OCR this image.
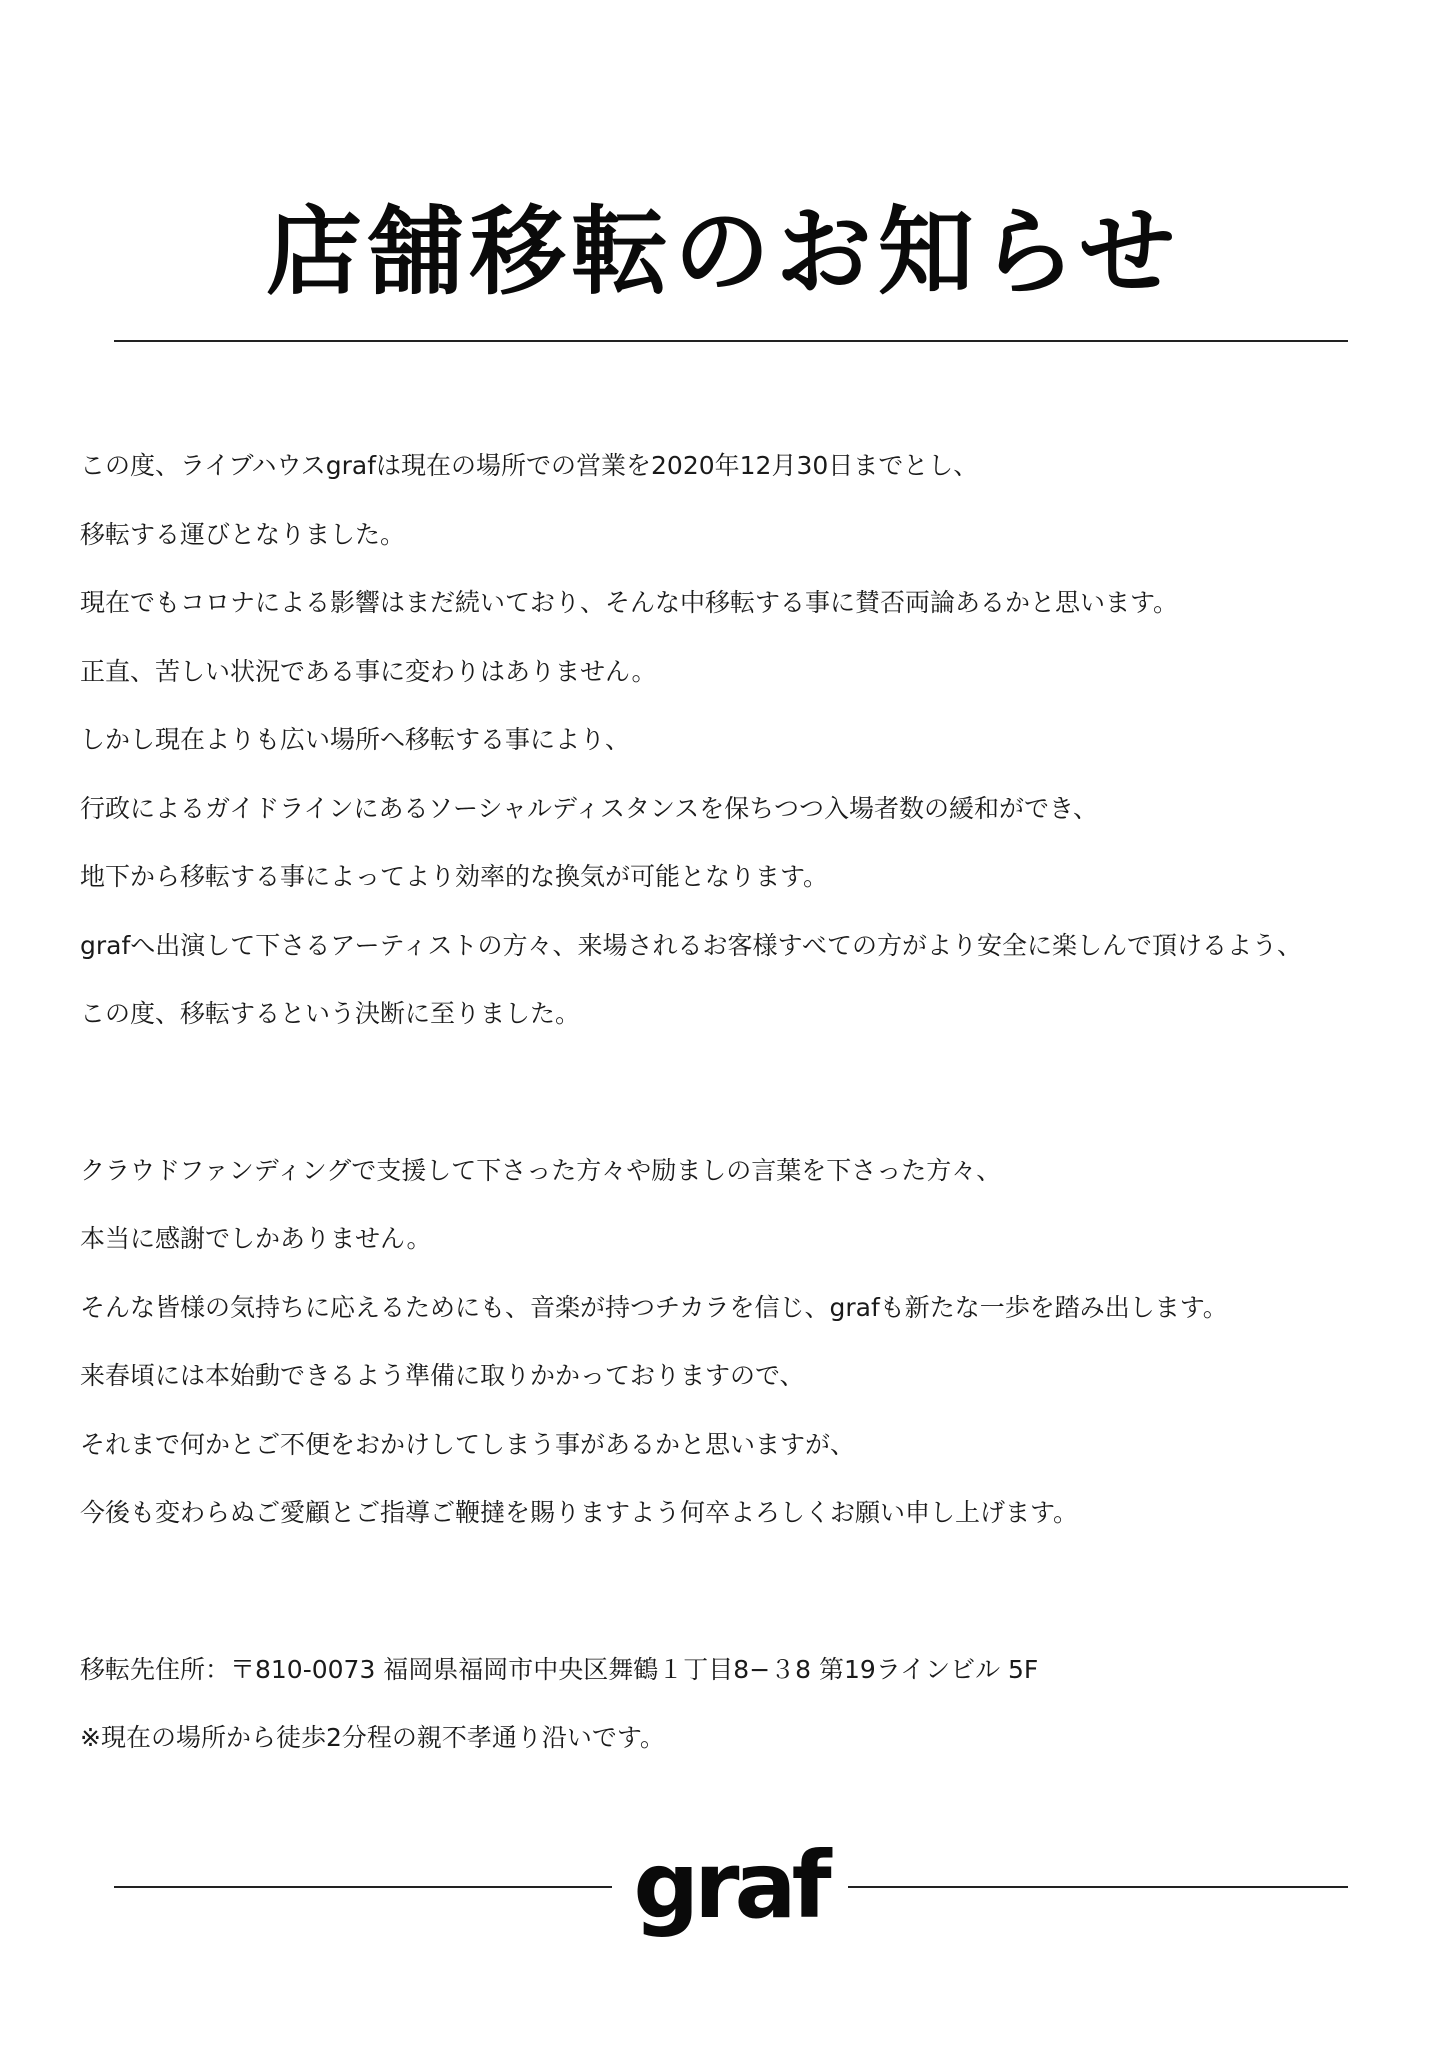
店舗移転のお知らせ
この度、ライブハウスgrafは現在の場所での営業を2020年12月30日までとし、
移転する運びとなりました。
現在でもコロナによる影響はまだ続いており、そんな中移転する事に賛否両論あるかと思います。
正直、苦しい状況である事に変わりはありません。
しかし現在よりも広い場所へ移転する事により、
行政によるガイドラインにあるソーシャルディスタンスを保ちつつ入場者数の緩和ができ、
地下から移転する事によってより効率的な換気が可能となります。
grafへ出演して下さるアーティストの方々、来場されるお客様すべての方がより安全に楽しんで頂けるよう、
この度、移転するという決断に至りました。
クラウドファンディングで支援して下さった方々や励ましの言葉を下さった方々、
本当に感謝でしかありません。
そんな皆様の気持ちに応えるためにも、音楽が持つチカラを信じ、grafも新たな一歩を踏み出します。
来春頃には本始動できるよう準備に取りかかっておりますので、
それまで何かとご不便をおかけしてしまう事があるかと思いますが、
今後も変わらぬご愛顧とご指導ご鞭撻を賜りますよう何卒よろしくお願い申し上げます。
移転先住所：〒810-0073 福岡県福岡市中央区舞鶴１丁目8−３8 第19ラインビル 5F
※現在の場所から徒歩2分程の親不孝通り沿いです。
graf
